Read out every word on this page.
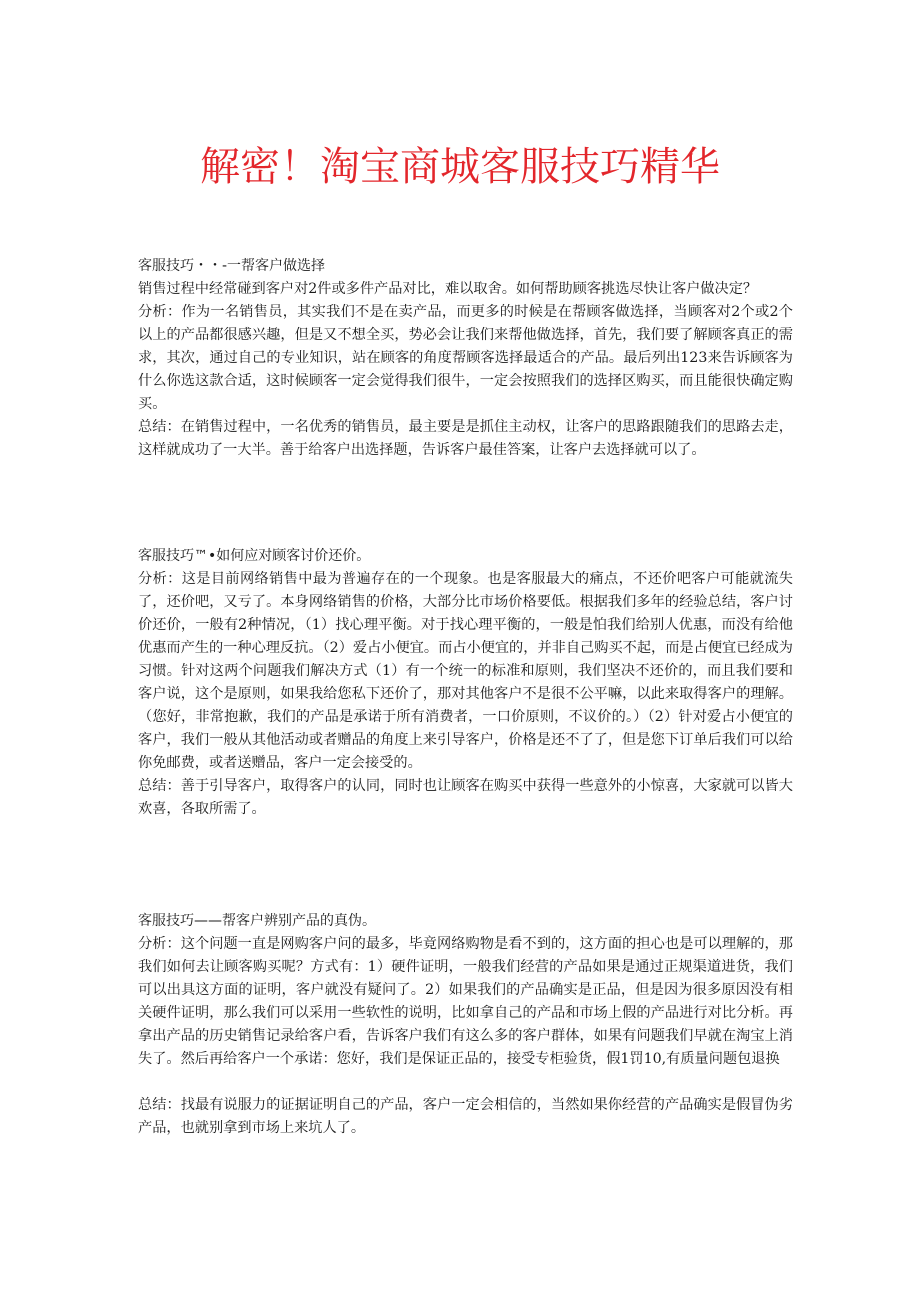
解密！淘宝商城客服技巧精华
客服技巧・・-一帮客户做选择

销售过程中经常碰到客户对2件或多件产品对比，难以取舍。如何帮助顾客挑选尽快让客户做决定？

分析：作为一名销售员，其实我们不是在卖产品，而更多的时候是在帮顾客做选择，当顾客对2个或2个以上的产品都很感兴趣，但是又不想全买，势必会让我们来帮他做选择，首先，我们要了解顾客真正的需求，其次，通过自己的专业知识，站在顾客的角度帮顾客选择最适合的产品。最后列出123来告诉顾客为什么你选这款合适，这时候顾客一定会觉得我们很牛，一定会按照我们的选择区购买，而且能很快确定购买。

总结：在销售过程中，一名优秀的销售员，最主要是是抓住主动权，让客户的思路跟随我们的思路去走，这样就成功了一大半。善于给客户出选择题，告诉客户最佳答案，让客户去选择就可以了。

客服技巧™•如何应对顾客讨价还价。

分析：这是目前网络销售中最为普遍存在的一个现象。也是客服最大的痛点，不还价吧客户可能就流失了，还价吧，又亏了。本身网络销售的价格，大部分比市场价格要低。根据我们多年的经验总结，客户讨价还价，一般有2种情况，（1）找心理平衡。对于找心理平衡的，一般是怕我们给别人优惠，而没有给他优惠而产生的一种心理反抗。（2）爱占小便宜。而占小便宜的，并非自己购买不起，而是占便宜已经成为习惯。针对这两个问题我们解决方式（1）有一个统一的标准和原则，我们坚决不还价的，而且我们要和客户说，这个是原则，如果我给您私下还价了，那对其他客户不是很不公平嘛，以此来取得客户的理解。（您好，非常抱歉，我们的产品是承诺于所有消费者，一口价原则，不议价的。）（2）针对爱占小便宜的客户，我们一般从其他活动或者赠品的角度上来引导客户，价格是还不了了，但是您下订单后我们可以给你免邮费，或者送赠品，客户一定会接受的。

总结：善于引导客户，取得客户的认同，同时也让顾客在购买中获得一些意外的小惊喜，大家就可以皆大欢喜，各取所需了。

客服技巧——帮客户辨别产品的真伪。

分析：这个问题一直是网购客户问的最多，毕竟网络购物是看不到的，这方面的担心也是可以理解的，那我们如何去让顾客购买呢？方式有：1）硬件证明，一般我们经营的产品如果是通过正规渠道进货，我们可以出具这方面的证明，客户就没有疑问了。2）如果我们的产品确实是正品，但是因为很多原因没有相关硬件证明，那么我们可以采用一些软性的说明，比如拿自己的产品和市场上假的产品进行对比分析。再拿出产品的历史销售记录给客户看，告诉客户我们有这么多的客户群体，如果有问题我们早就在淘宝上消失了。然后再给客户一个承诺：您好，我们是保证正品的，接受专柜验货，假1罚10,有质量问题包退换

总结：找最有说服力的证据证明自己的产品，客户一定会相信的，当然如果你经营的产品确实是假冒伪劣产品，也就别拿到市场上来坑人了。
